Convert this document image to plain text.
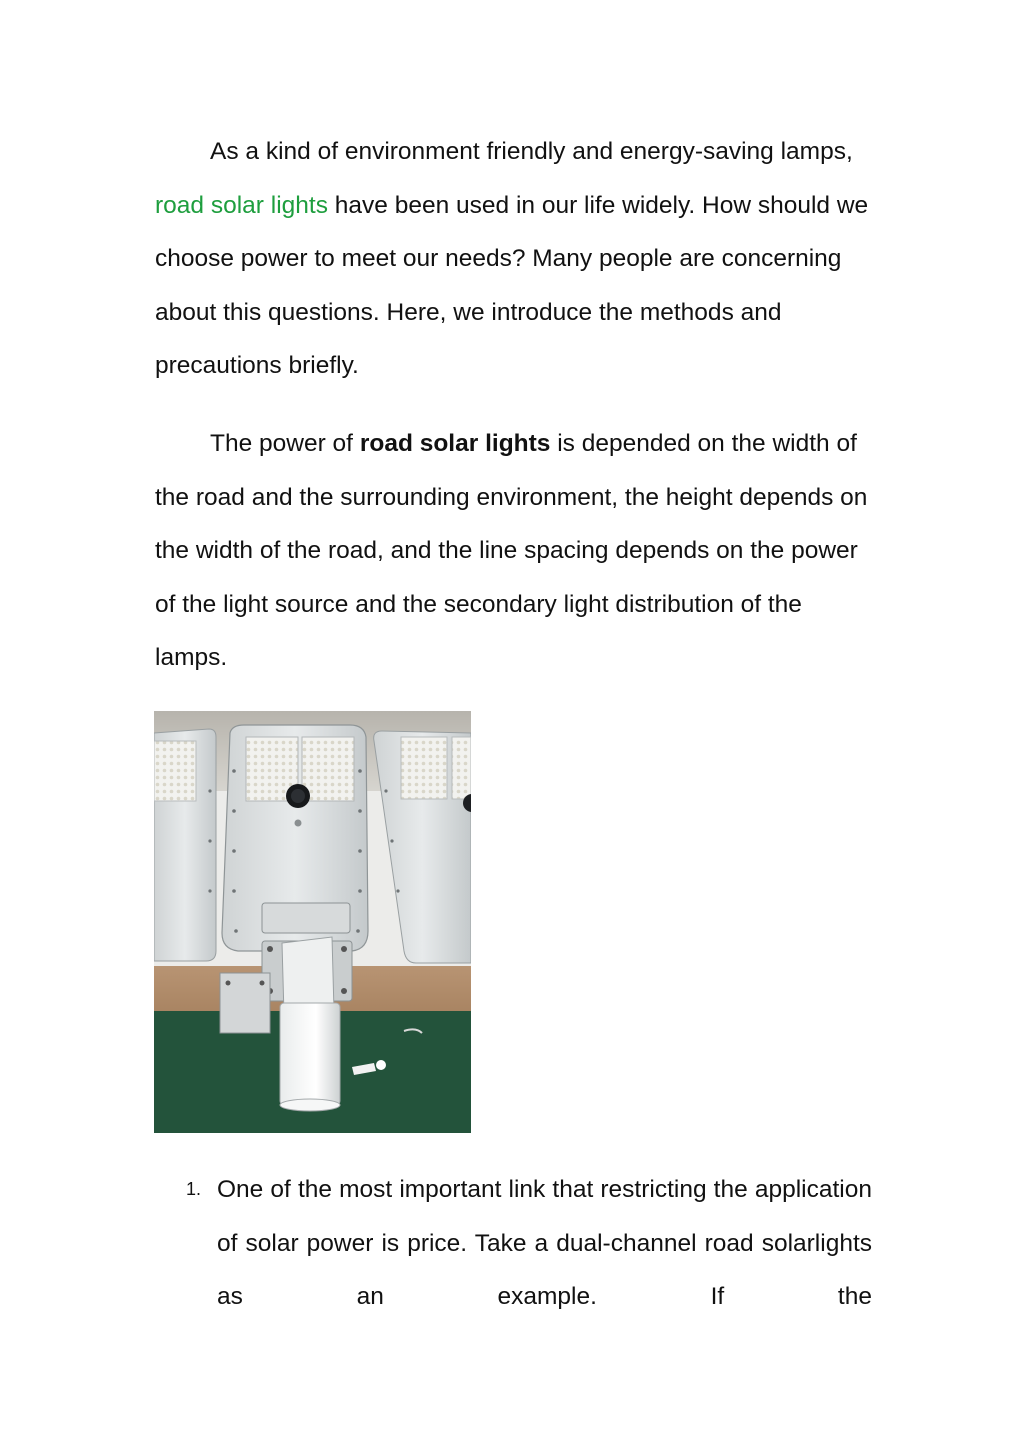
As a kind of environment friendly and energy-saving lamps, road solar lights have been used in our life widely. How should we choose power to meet our needs? Many people are concerning about this questions. Here, we introduce the methods and precautions briefly.

The power of road solar lights is depended on the width of the road and the surrounding environment, the height depends on the width of the road, and the line spacing depends on the power of the light source and the secondary light distribution of the lamps.

1. One of the most important link that restricting the application of solar power is price. Take a dual-channel road solarlights as an example. If the
